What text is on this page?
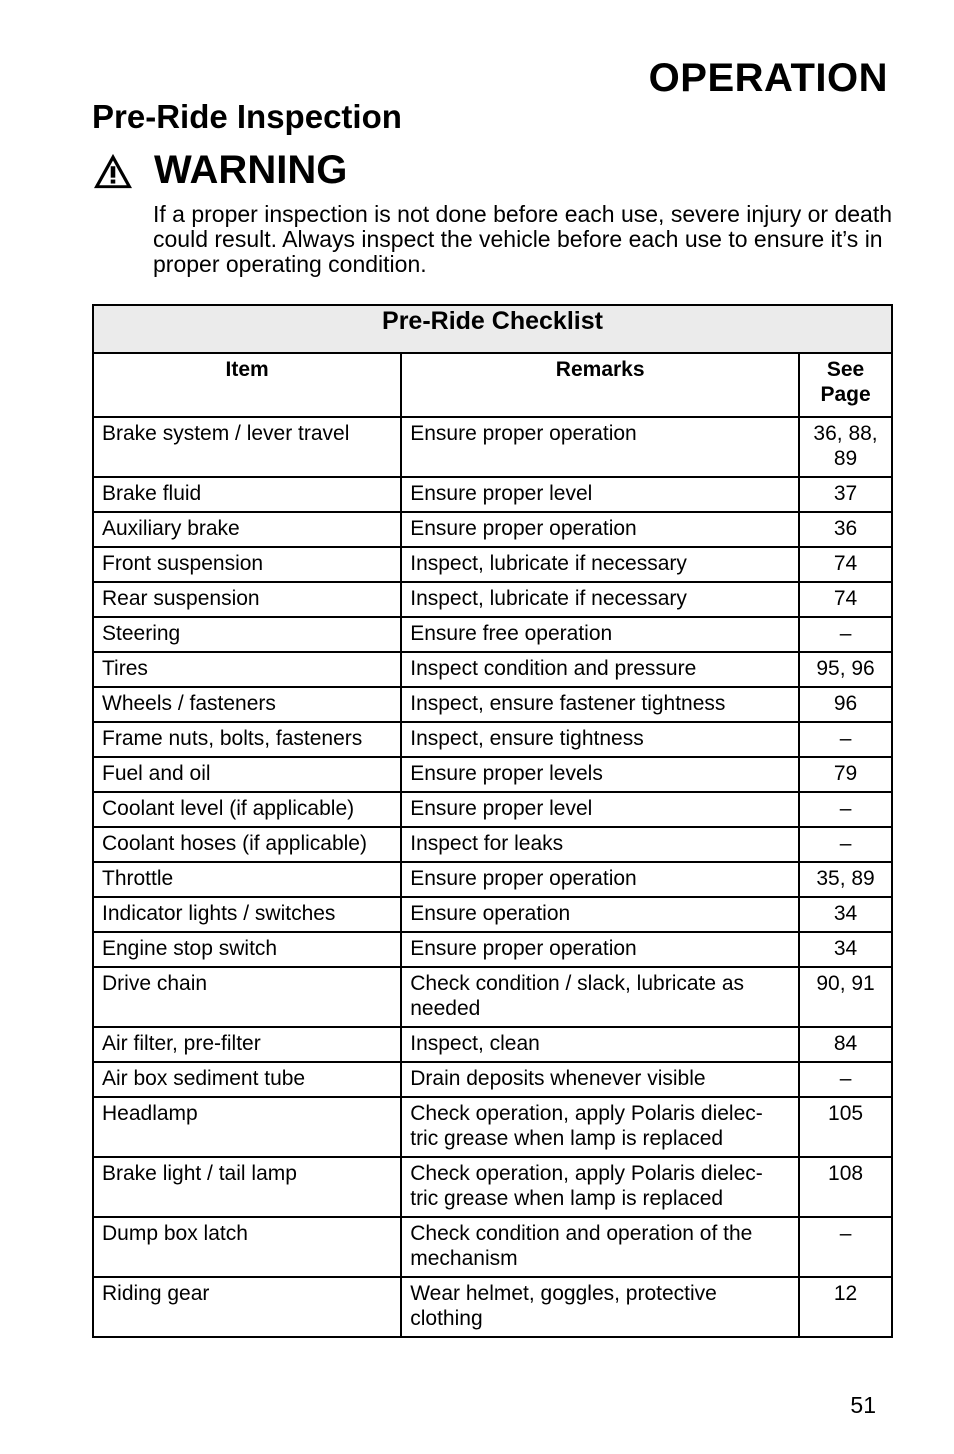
OPERATION
Pre-Ride Inspection
WARNING
If a proper inspection is not done before each use, severe injury or death could result. Always inspect the vehicle before each use to ensure it’s in proper operating condition.
Pre-Ride Checklist		
Item	Remarks	See Page
Brake system / lever travel	Ensure proper operation	36, 88, 89
Brake fluid	Ensure proper level	37
Auxiliary brake	Ensure proper operation	36
Front suspension	Inspect, lubricate if necessary	74
Rear suspension	Inspect, lubricate if necessary	74
Steering	Ensure free operation	–
Tires	Inspect condition and pressure	95, 96
Wheels / fasteners	Inspect, ensure fastener tightness	96
Frame nuts, bolts, fasteners	Inspect, ensure tightness	–
Fuel and oil	Ensure proper levels	79
Coolant level (if applicable)	Ensure proper level	–
Coolant hoses (if applicable)	Inspect for leaks	–
Throttle	Ensure proper operation	35, 89
Indicator lights / switches	Ensure operation	34
Engine stop switch	Ensure proper operation	34
Drive chain	Check condition / slack, lubricate as needed	90, 91
Air filter, pre-filter	Inspect, clean	84
Air box sediment tube	Drain deposits whenever visible	–
Headlamp	Check operation, apply Polaris dielec-tric grease when lamp is replaced	105
Brake light / tail lamp	Check operation, apply Polaris dielec-tric grease when lamp is replaced	108
Dump box latch	Check condition and operation of the mechanism	–
Riding gear	Wear helmet, goggles, protective clothing	12
51
